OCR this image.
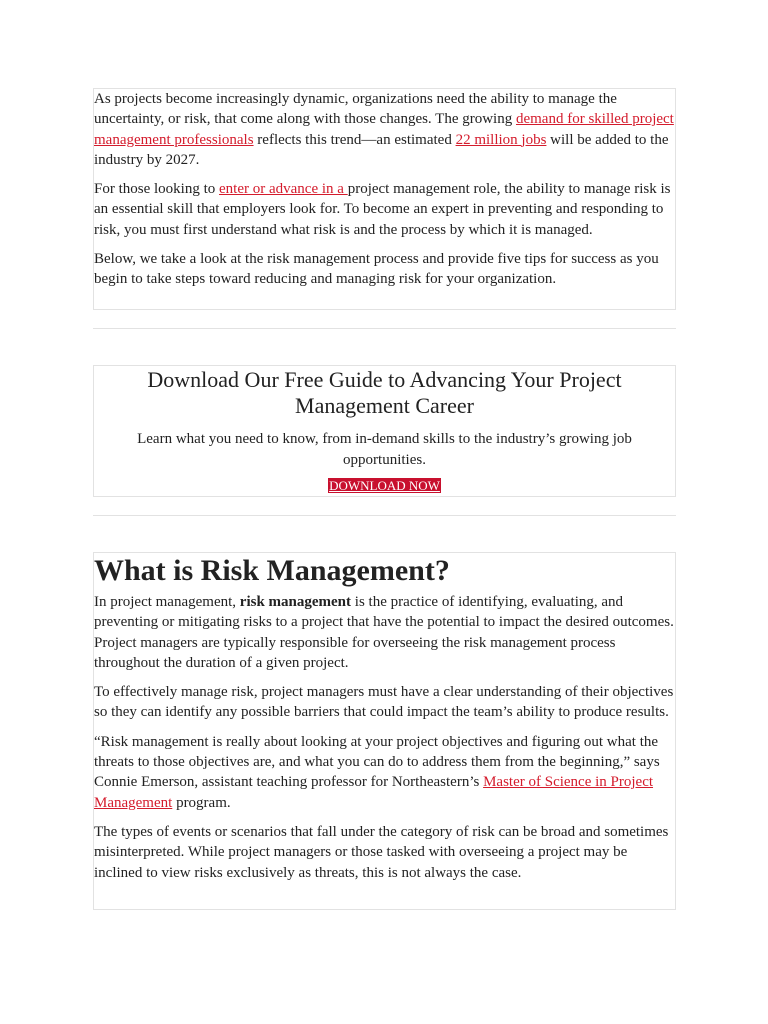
As projects become increasingly dynamic, organizations need the ability to manage the uncertainty, or risk, that come along with those changes. The growing demand for skilled project management professionals reflects this trend—an estimated 22 million jobs will be added to the industry by 2027.

For those looking to enter or advance in a project management role, the ability to manage risk is an essential skill that employers look for. To become an expert in preventing and responding to risk, you must first understand what risk is and the process by which it is managed.

Below, we take a look at the risk management process and provide five tips for success as you begin to take steps toward reducing and managing risk for your organization.

Download Our Free Guide to Advancing Your Project Management Career

Learn what you need to know, from in-demand skills to the industry’s growing job opportunities.

DOWNLOAD NOW
What is Risk Management?

In project management, risk management is the practice of identifying, evaluating, and preventing or mitigating risks to a project that have the potential to impact the desired outcomes. Project managers are typically responsible for overseeing the risk management process throughout the duration of a given project.

To effectively manage risk, project managers must have a clear understanding of their objectives so they can identify any possible barriers that could impact the team’s ability to produce results.

“Risk management is really about looking at your project objectives and figuring out what the threats to those objectives are, and what you can do to address them from the beginning,” says Connie Emerson, assistant teaching professor for Northeastern’s Master of Science in Project Management program.

The types of events or scenarios that fall under the category of risk can be broad and sometimes misinterpreted. While project managers or those tasked with overseeing a project may be inclined to view risks exclusively as threats, this is not always the case.
